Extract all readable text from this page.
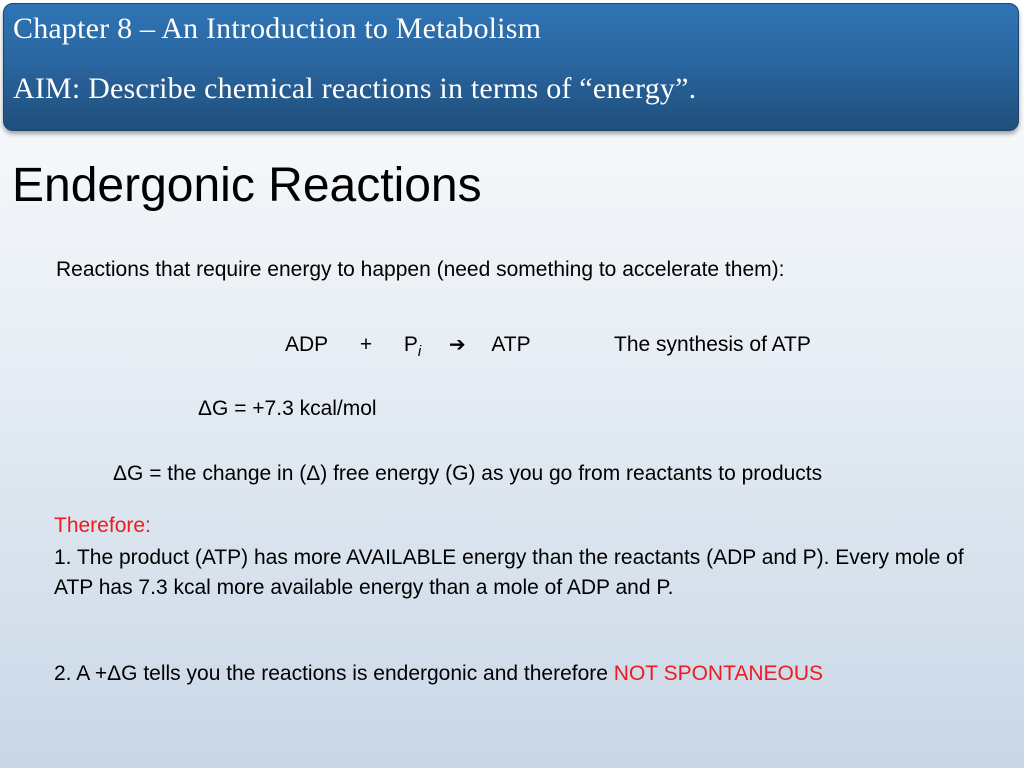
Chapter 8 – An Introduction to Metabolism
AIM: Describe chemical reactions in terms of “energy”.
Endergonic Reactions
Reactions that require energy to happen (need something to accelerate them):
ADP + Pi ➔ ATP	The synthesis of ATP
ΔG = +7.3 kcal/mol
ΔG = the change in (Δ) free energy (G) as you go from reactants to products
Therefore:
1. The product (ATP) has more AVAILABLE energy than the reactants (ADP and P). Every mole of ATP has 7.3 kcal more available energy than a mole of ADP and P.
2. A +ΔG tells you the reactions is endergonic and therefore NOT SPONTANEOUS
